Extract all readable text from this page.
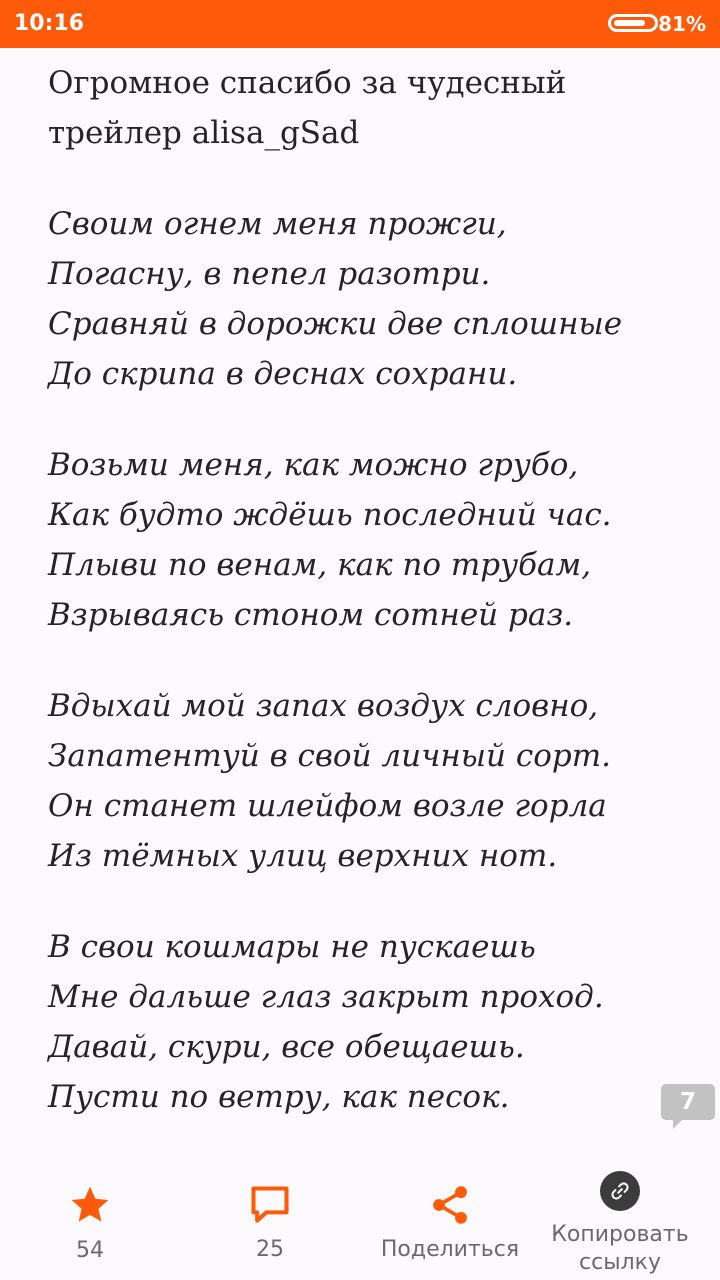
10:16	81%

Огромное спасибо за чудесный трейлер alisa_gSad

Своим огнем меня прожги,
Погасну, в пепел разотри.
Сравняй в дорожки две сплошные
До скрипа в деснах сохрани.

Возьми меня, как можно грубо,
Как будто ждёшь последний час.
Плыви по венам, как по трубам,
Взрываясь стоном сотней раз.

Вдыхай мой запах воздух словно,
Запатентуй в свой личный сорт.
Он станет шлейфом возле горла
Из тёмных улиц верхних нот.

В свои кошмары не пускаешь
Мне дальше глаз закрыт проход.
Давай, скури, все обещаешь.
Пусти по ветру, как песок.	7
54	25	Поделиться
Копировать ссылку
